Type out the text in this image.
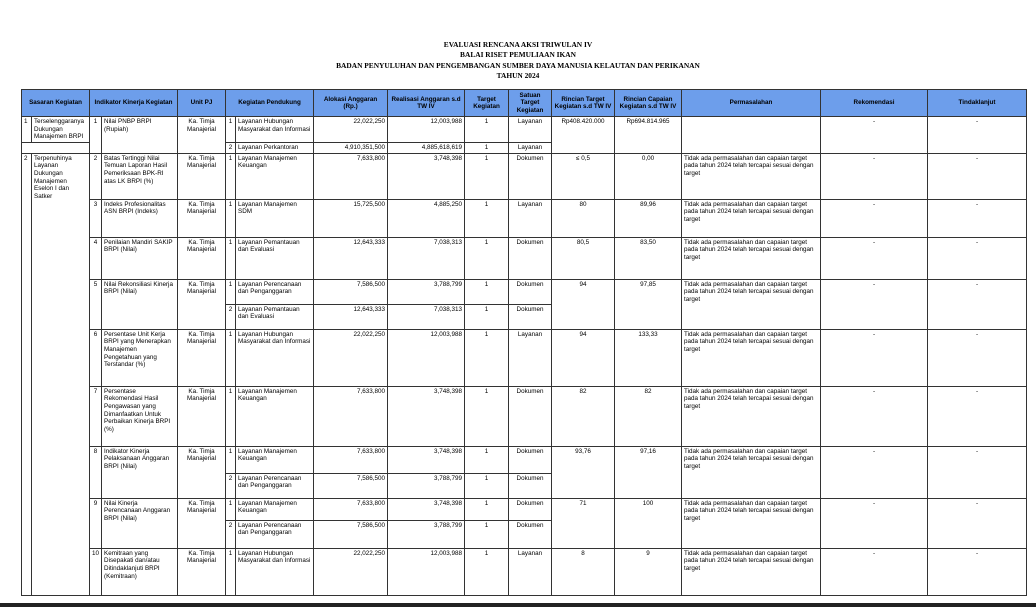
EVALUASI RENCANA AKSI TRIWULAN IV
BALAI RISET PEMULIAAN IKAN
BADAN PENYULUHAN DAN PENGEMBANGAN SUMBER DAYA MANUSIA KELAUTAN DAN PERIKANAN
TAHUN 2024
Sasaran Kegiatan		Indikator Kinerja Kegiatan		Unit PJ	Kegiatan Pendukung		Alokasi Anggaran (Rp.)	Realisasi Anggaran s.d TW IV	Target Kegiatan	Satuan Target Kegiatan	Rincian Target Kegiatan s.d TW IV	Rincian Capaian Kegiatan s.d TW IV	Permasalahan	Rekomendasi	Tindaklanjut
1	Terselenggaranya Dukungan Manajemen BRPI	1	Nilai PNBP BRPI (Rupiah)	Ka. Timja Manajerial	1	Layanan Hubungan Masyarakat dan Informasi	22,022,250	12,003,988	1	Layanan	Rp408.420.000	Rp694.814.965		-	-
					2	Layanan Perkantoran	4,910,351,500	4,885,618,619	1	Layanan					
2	Terpenuhinya Layanan Dukungan Manajemen Eselon I dan Satker	2	Batas Tertinggi Nilai Temuan Laporan Hasil Pemeriksaan BPK-RI atas LK BRPI (%)	Ka. Timja Manajerial	1	Layanan Manajemen Keuangan	7,633,800	3,748,398	1	Dokumen	≤ 0,5	0,00	Tidak ada permasalahan dan capaian target pada tahun 2024 telah tercapai sesuai dengan target	-	-
		3	Indeks Profesionalitas ASN BRPI (Indeks)	Ka. Timja Manajerial	1	Layanan Manajemen SDM	15,725,500	4,885,250	1	Layanan	80	89,96	Tidak ada permasalahan dan capaian target pada tahun 2024 telah tercapai sesuai dengan target	-	-
		4	Penilaian Mandiri SAKIP BRPI (Nilai)	Ka. Timja Manajerial	1	Layanan Pemantauan dan Evaluasi	12,643,333	7,038,313	1	Dokumen	80,5	83,50	Tidak ada permasalahan dan capaian target pada tahun 2024 telah tercapai sesuai dengan target	-	-
		5	Nilai Rekonsiliasi Kinerja BRPI (Nilai)	Ka. Timja Manajerial	1	Layanan Perencanaan dan Penganggaran	7,586,500	3,788,799	1	Dokumen	94	97,85	Tidak ada permasalahan dan capaian target pada tahun 2024 telah tercapai sesuai dengan target	-	-
					2	Layanan Pemantauan dan Evaluasi	12,643,333	7,038,313	1	Dokumen					
		6	Persentase Unit Kerja BRPI yang Menerapkan Manajemen Pengetahuan yang Terstandar (%)	Ka. Timja Manajerial	1	Layanan Hubungan Masyarakat dan Informasi	22,022,250	12,003,988	1	Layanan	94	133,33	Tidak ada permasalahan dan capaian target pada tahun 2024 telah tercapai sesuai dengan target	-	-
		7	Persentase Rekomendasi Hasil Pengawasan yang Dimanfaatkan Untuk Perbaikan Kinerja BRPI (%)	Ka. Timja Manajerial	1	Layanan Manajemen Keuangan	7,633,800	3,748,398	1	Dokumen	82	82	Tidak ada permasalahan dan capaian target pada tahun 2024 telah tercapai sesuai dengan target	-	-
		8	Indikator Kinerja Pelaksanaan Anggaran BRPI (Nilai)	Ka. Timja Manajerial	1	Layanan Manajemen Keuangan	7,633,800	3,748,398	1	Dokumen	93,76	97,16	Tidak ada permasalahan dan capaian target pada tahun 2024 telah tercapai sesuai dengan target	-	-
					2	Layanan Perencanaan dan Penganggaran	7,586,500	3,788,799	1	Dokumen					
		9	Nilai Kinerja Perencanaan Anggaran BRPI (Nilai)	Ka. Timja Manajerial	1	Layanan Manajemen Keuangan	7,633,800	3,748,398	1	Dokumen	71	100	Tidak ada permasalahan dan capaian target pada tahun 2024 telah tercapai sesuai dengan target	-	-
					2	Layanan Perencanaan dan Penganggaran	7,586,500	3,788,799	1	Dokumen					
		10	Kemitraan yang Disepakati dan/atau Ditindaklanjuti BRPI (Kemitraan)	Ka. Timja Manajerial	1	Layanan Hubungan Masyarakat dan Informasi	22,022,250	12,003,988	1	Layanan	8	9	Tidak ada permasalahan dan capaian target pada tahun 2024 telah tercapai sesuai dengan target	-	-
